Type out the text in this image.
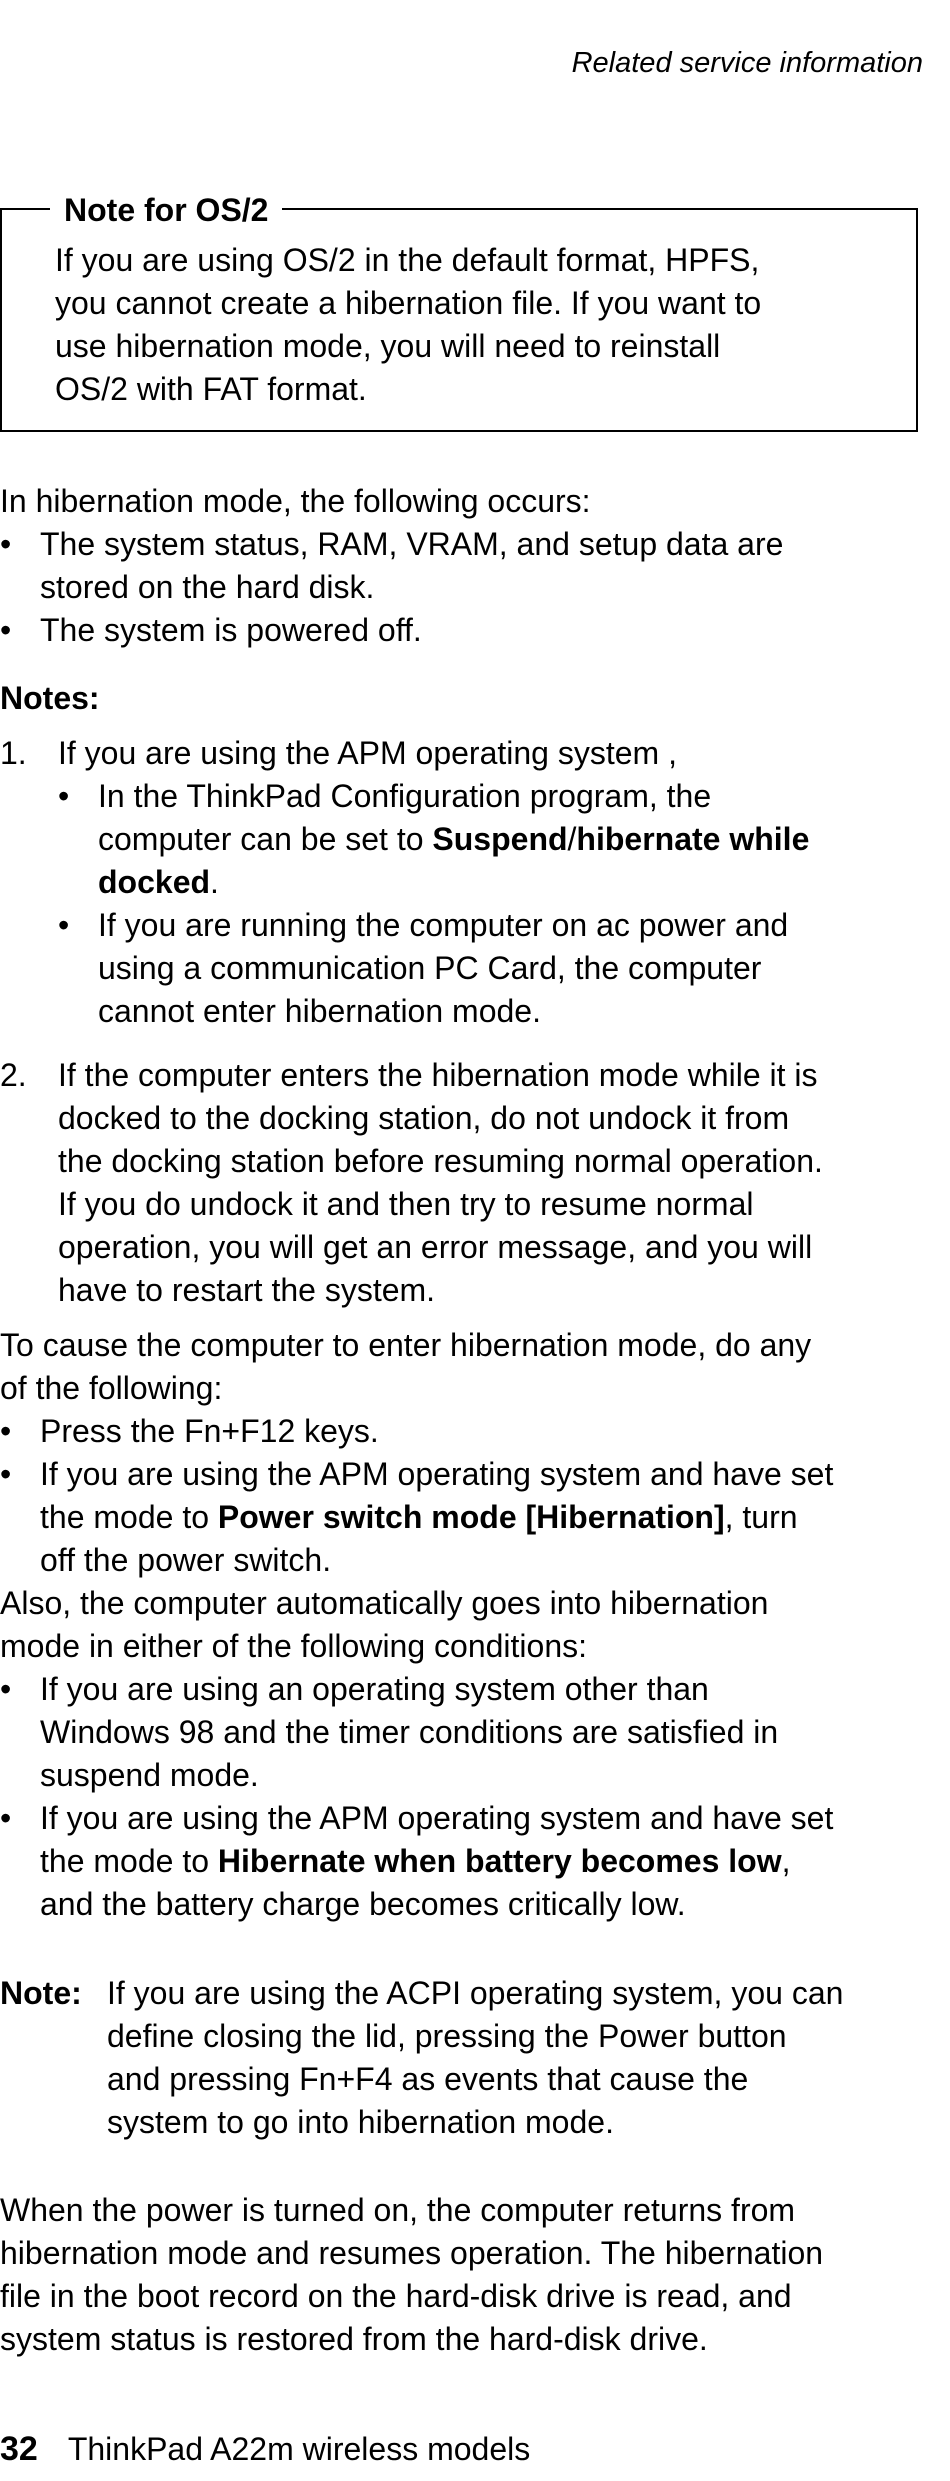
Related service information
Note for OS/2
If you are using OS/2 in the default format, HPFS,
you cannot create a hibernation file. If you want to
use hibernation mode, you will need to reinstall
OS/2 with FAT format.
In hibernation mode, the following occurs:
• The system status, RAM, VRAM, and setup data are
stored on the hard disk.
• The system is powered off.
Notes:
1. If you are using the APM operating system ,
• In the ThinkPad Configuration program, the
computer can be set to Suspend/hibernate while
docked.
• If you are running the computer on ac power and
using a communication PC Card, the computer
cannot enter hibernation mode.
2. If the computer enters the hibernation mode while it is
docked to the docking station, do not undock it from
the docking station before resuming normal operation.
If you do undock it and then try to resume normal
operation, you will get an error message, and you will
have to restart the system.
To cause the computer to enter hibernation mode, do any
of the following:
• Press the Fn+F12 keys.
• If you are using the APM operating system and have set
the mode to Power switch mode [Hibernation], turn
off the power switch.
Also, the computer automatically goes into hibernation
mode in either of the following conditions:
• If you are using an operating system other than
Windows 98 and the timer conditions are satisfied in
suspend mode.
• If you are using the APM operating system and have set
the mode to Hibernate when battery becomes low,
and the battery charge becomes critically low.
Note: If you are using the ACPI operating system, you can
define closing the lid, pressing the Power button
and pressing Fn+F4 as events that cause the
system to go into hibernation mode.
When the power is turned on, the computer returns from
hibernation mode and resumes operation. The hibernation
file in the boot record on the hard-disk drive is read, and
system status is restored from the hard-disk drive.
32 ThinkPad A22m wireless models
